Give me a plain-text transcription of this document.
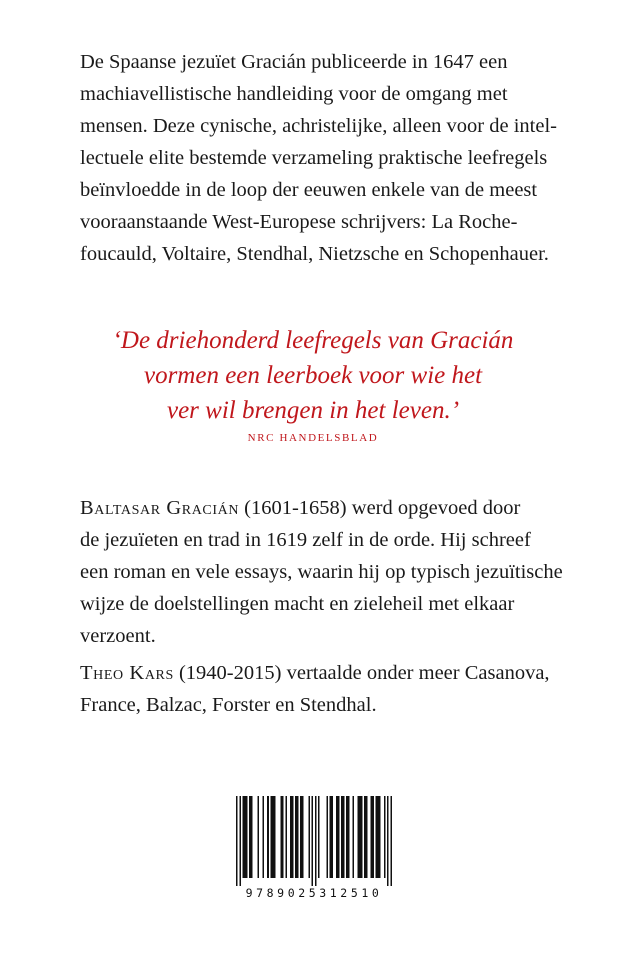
De Spaanse jezuïet Gracián publiceerde in 1647 een
machiavellistische handleiding voor de omgang met
mensen. Deze cynische, achristelijke, alleen voor de intel-
lectuele elite bestemde verzameling praktische leefregels
beïnvloedde in de loop der eeuwen enkele van de meest
vooraanstaande West-Europese schrijvers: La Roche-
foucauld, Voltaire, Stendhal, Nietzsche en Schopenhauer.
‘De driehonderd leefregels van Gracián
vormen een leerboek voor wie het
ver wil brengen in het leven.’
NRC HANDELSBLAD
Baltasar Gracián (1601-1658) werd opgevoed door
de jezuïeten en trad in 1619 zelf in de orde. Hij schreef
een roman en vele essays, waarin hij op typisch jezuïtische
wijze de doelstellingen macht en zieleheil met elkaar
verzoent.
Theo Kars (1940-2015) vertaalde onder meer Casanova,
France, Balzac, Forster en Stendhal.
9789025312510
